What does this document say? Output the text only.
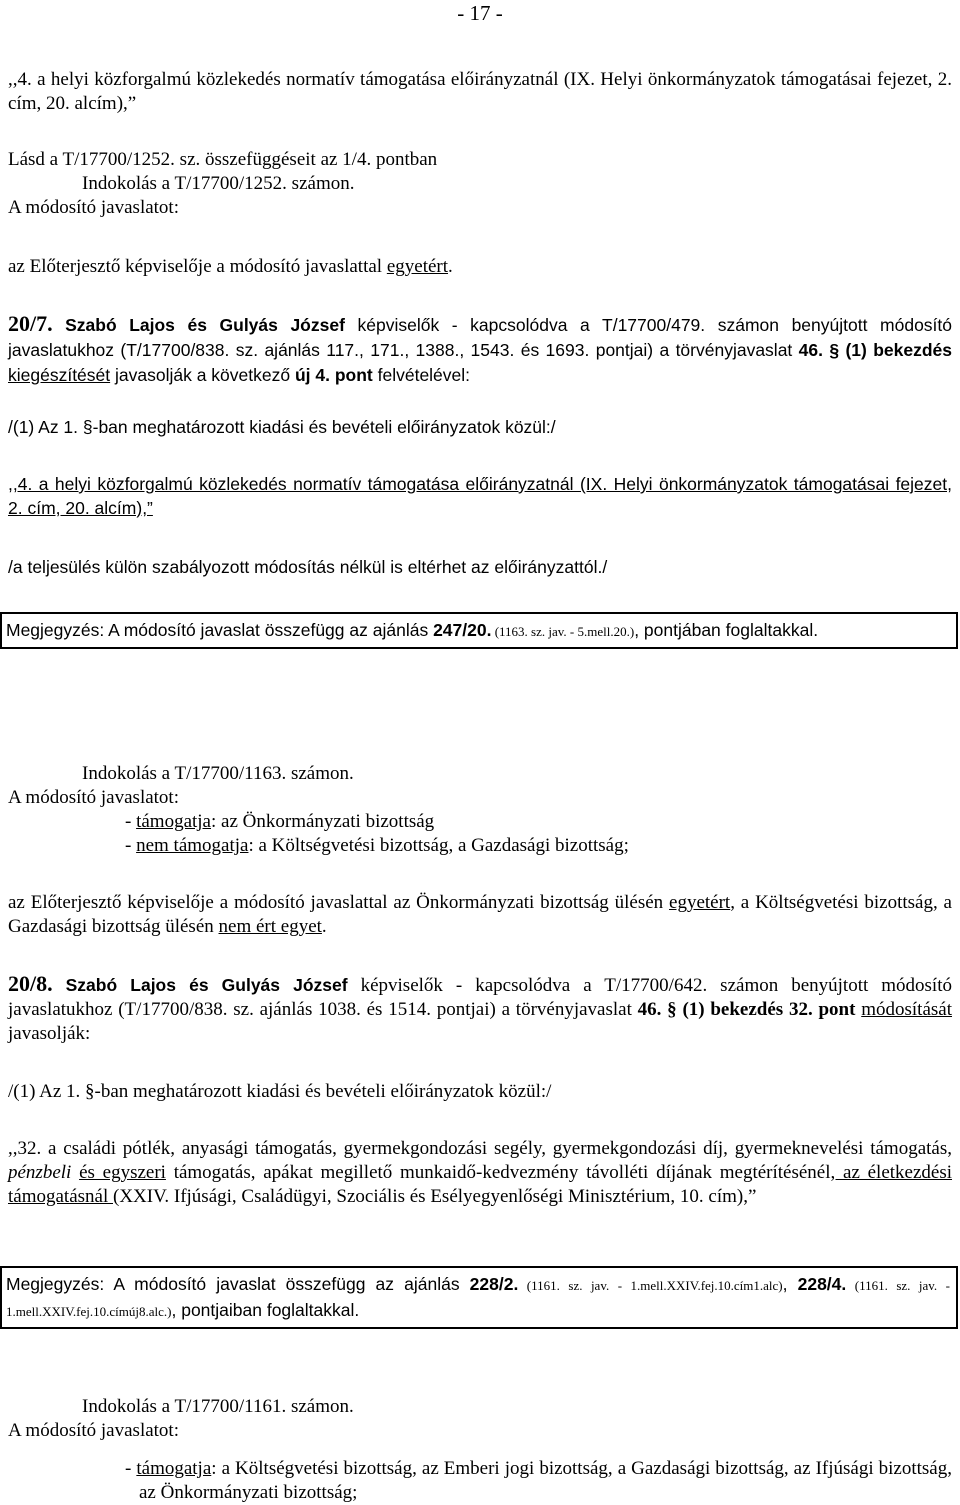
- 17 -
,,4. a helyi közforgalmú közlekedés normatív támogatása előirányzatnál (IX. Helyi önkormányzatok támogatásai fejezet, 2. cím, 20. alcím),”
Lásd a T/17700/1252. sz. összefüggéseit az 1/4. pontban
Indokolás a T/17700/1252. számon.
A módosító javaslatot:
az Előterjesztő képviselője a módosító javaslattal egyetért.
20/7. Szabó Lajos és Gulyás József képviselők - kapcsolódva a T/17700/479. számon benyújtott módosító javaslatukhoz (T/17700/838. sz. ajánlás 117., 171., 1388., 1543. és 1693. pontjai) a törvényjavaslat 46. § (1) bekezdés kiegészítését javasolják a következő új 4. pont felvételével:
/(1) Az 1. §-ban meghatározott kiadási és bevételi előirányzatok közül:/
,,4. a helyi közforgalmú közlekedés normatív támogatása előirányzatnál (IX. Helyi önkormányzatok támogatásai fejezet, 2. cím, 20. alcím),”
/a teljesülés külön szabályozott módosítás nélkül is eltérhet az előirányzattól./
Megjegyzés: A módosító javaslat összefügg az ajánlás 247/20. (1163. sz. jav. - 5.mell.20.), pontjában foglaltakkal.
Indokolás a T/17700/1163. számon.
A módosító javaslatot:
- támogatja: az Önkormányzati bizottság
- nem támogatja: a Költségvetési bizottság, a Gazdasági bizottság;
az Előterjesztő képviselője a módosító javaslattal az Önkormányzati bizottság ülésén egyetért, a Költségvetési bizottság, a Gazdasági bizottság ülésén nem ért egyet.
20/8. Szabó Lajos és Gulyás József képviselők - kapcsolódva a T/17700/642. számon benyújtott módosító javaslatukhoz (T/17700/838. sz. ajánlás 1038. és 1514. pontjai) a törvényjavaslat 46. § (1) bekezdés 32. pont módosítását javasolják:
/(1) Az 1. §-ban meghatározott kiadási és bevételi előirányzatok közül:/
,,32. a családi pótlék, anyasági támogatás, gyermekgondozási segély, gyermekgondozási díj, gyermeknevelési támogatás, pénzbeli és egyszeri támogatás, apákat megillető munkaidő-kedvezmény távolléti díjának megtérítésénél, az életkezdési támogatásnál (XXIV. Ifjúsági, Családügyi, Szociális és Esélyegyenlőségi Minisztérium, 10. cím),”
Megjegyzés: A módosító javaslat összefügg az ajánlás 228/2. (1161. sz. jav. - 1.mell.XXIV.fej.10.cím1.alc), 228/4. (1161. sz. jav. - 1.mell.XXIV.fej.10.címúj8.alc.), pontjaiban foglaltakkal.
Indokolás a T/17700/1161. számon.
A módosító javaslatot:
- támogatja: a Költségvetési bizottság, az Emberi jogi bizottság, a Gazdasági bizottság, az Ifjúsági bizottság, az Önkormányzati bizottság;
